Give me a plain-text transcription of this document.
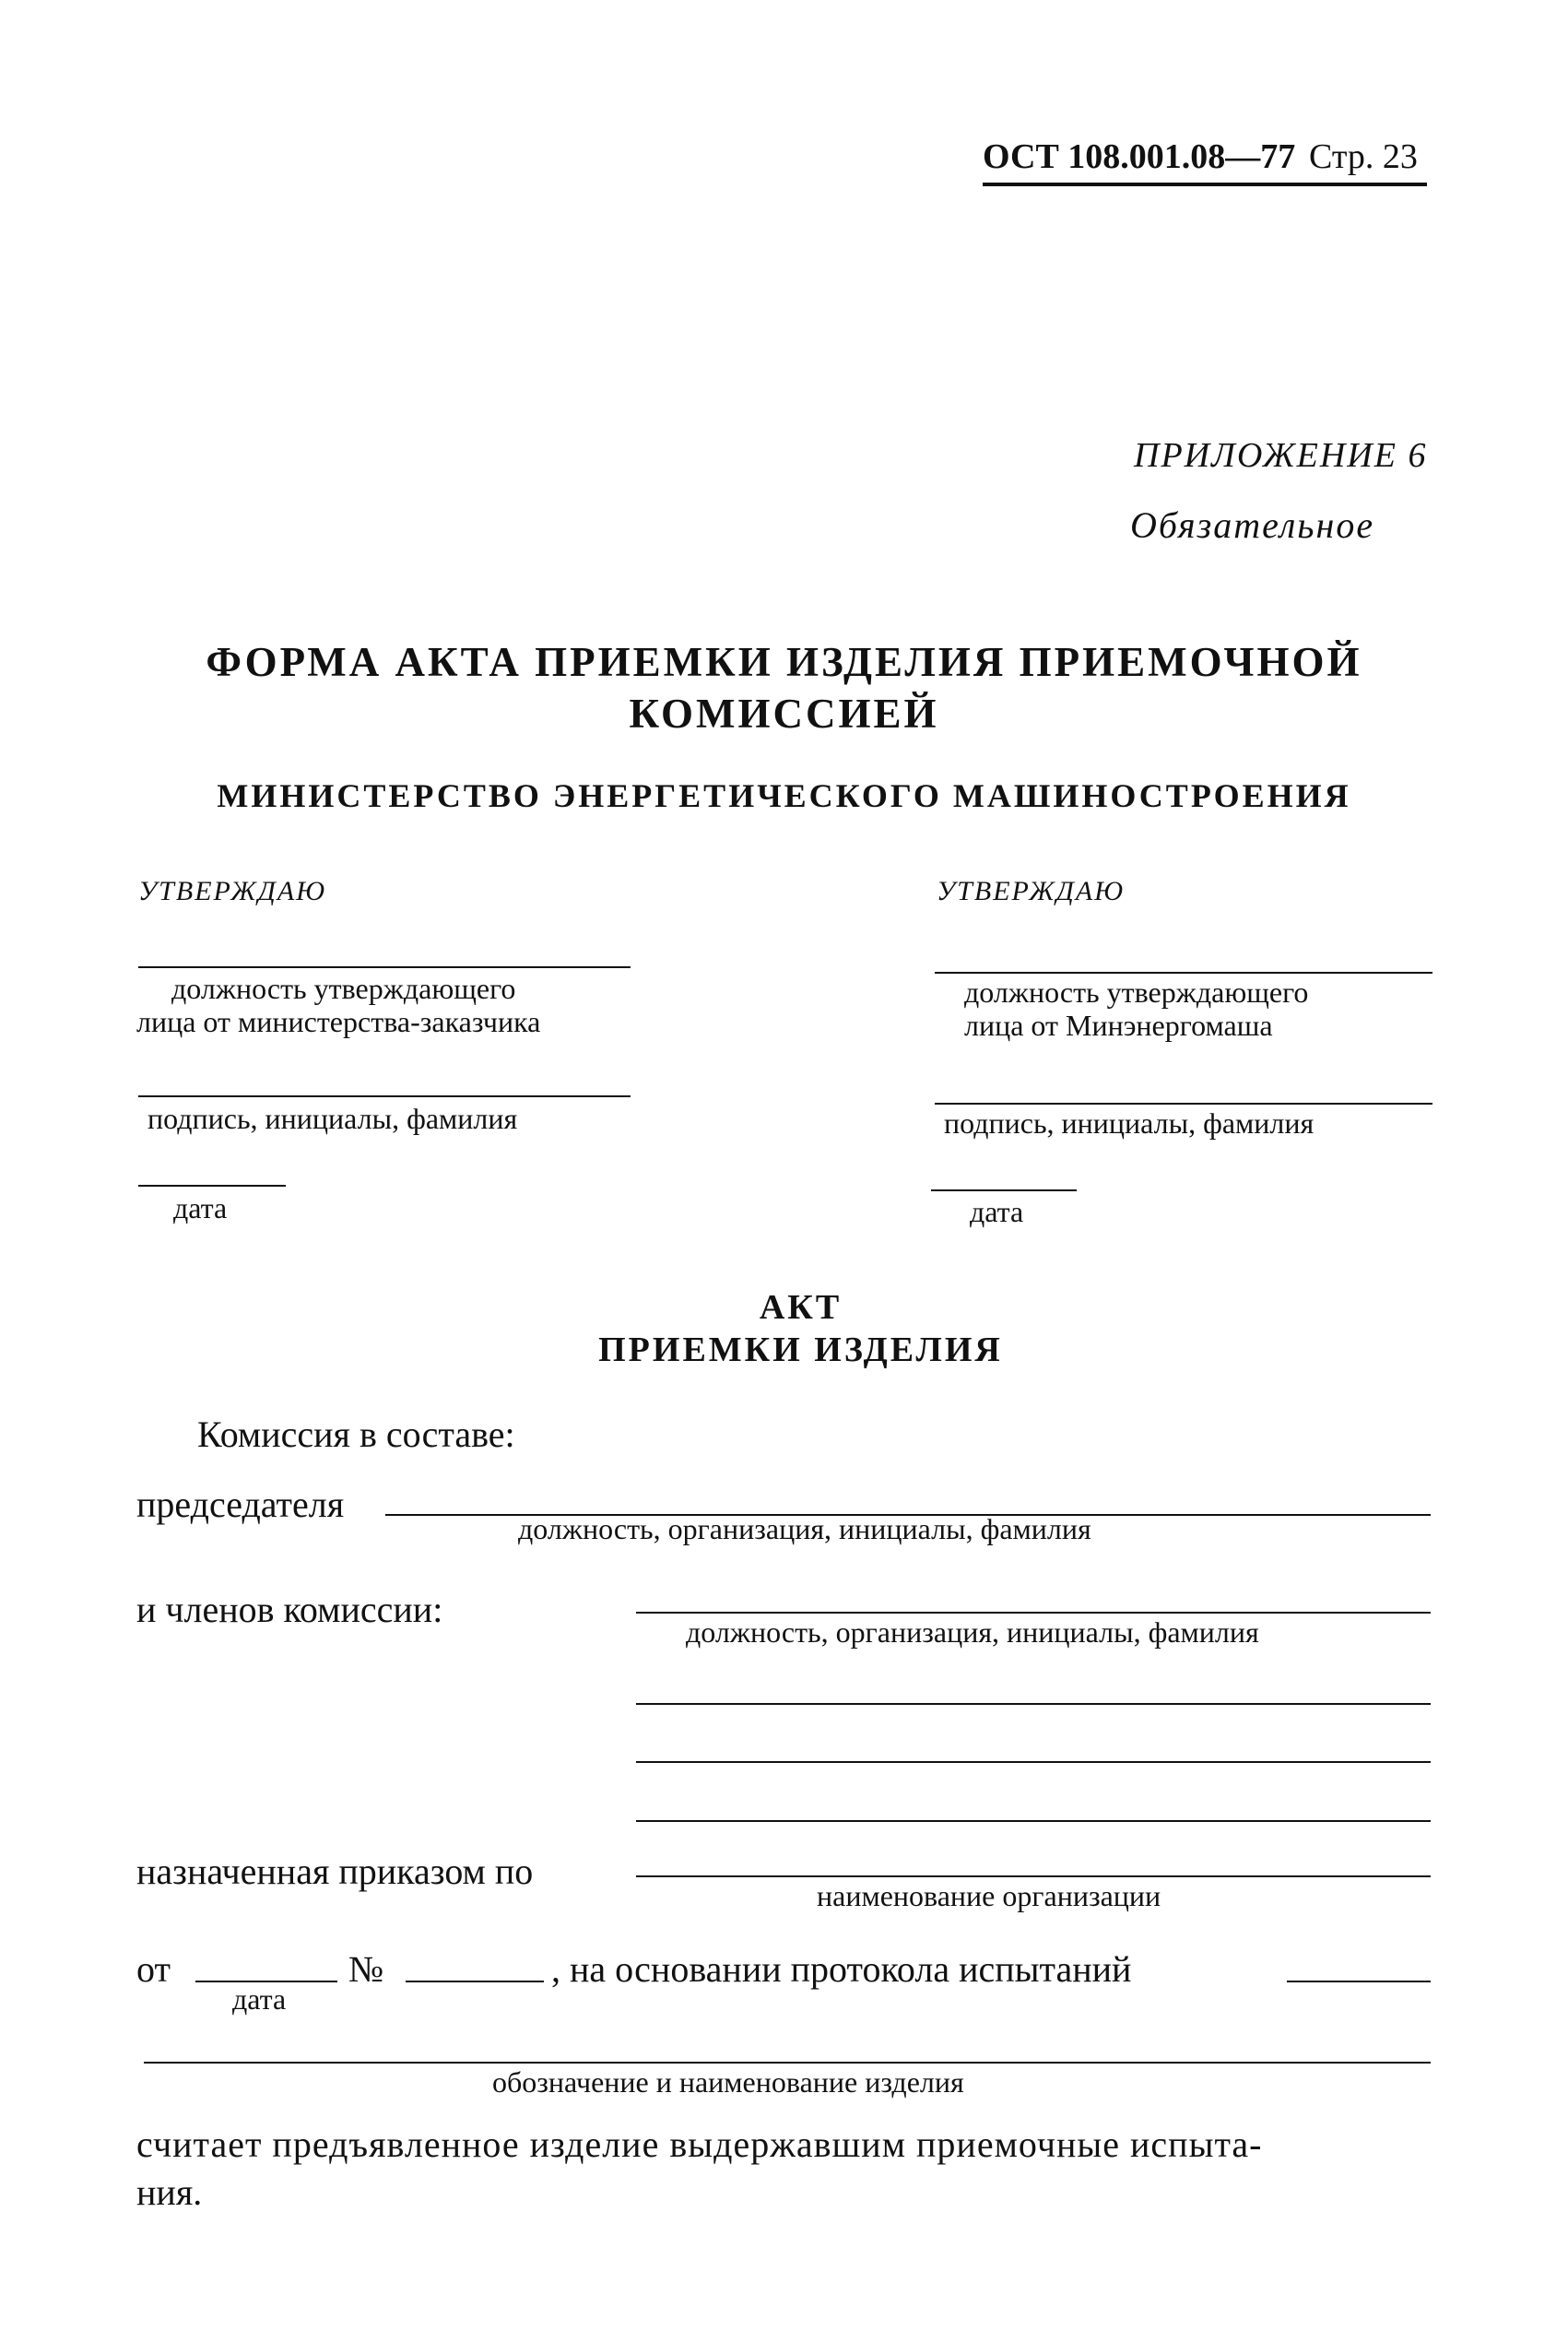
ОСТ 108.001.08—77 Стр. 23
ПРИЛОЖЕНИЕ 6
Обязательное
ФОРМА АКТА ПРИЕМКИ ИЗДЕЛИЯ ПРИЕМОЧНОЙ
КОМИССИЕЙ
МИНИСТЕРСТВО ЭНЕРГЕТИЧЕСКОГО МАШИНОСТРОЕНИЯ
УТВЕРЖДАЮ
должность утверждающего
лица от министерства-заказчика
подпись, инициалы, фамилия
дата
УТВЕРЖДАЮ
должность утверждающего
лица от Минэнергомаша
подпись, инициалы, фамилия
дата
АКТ
ПРИЕМКИ ИЗДЕЛИЯ
Комиссия в составе:
председателя
должность, организация, инициалы, фамилия
и членов комиссии:
должность, организация, инициалы, фамилия
назначенная приказом по
наименование организации
от
дата
№	, на основании протокола испытаний
обозначение и наименование изделия
считает предъявленное изделие выдержавшим приемочные испыта-
ния.
